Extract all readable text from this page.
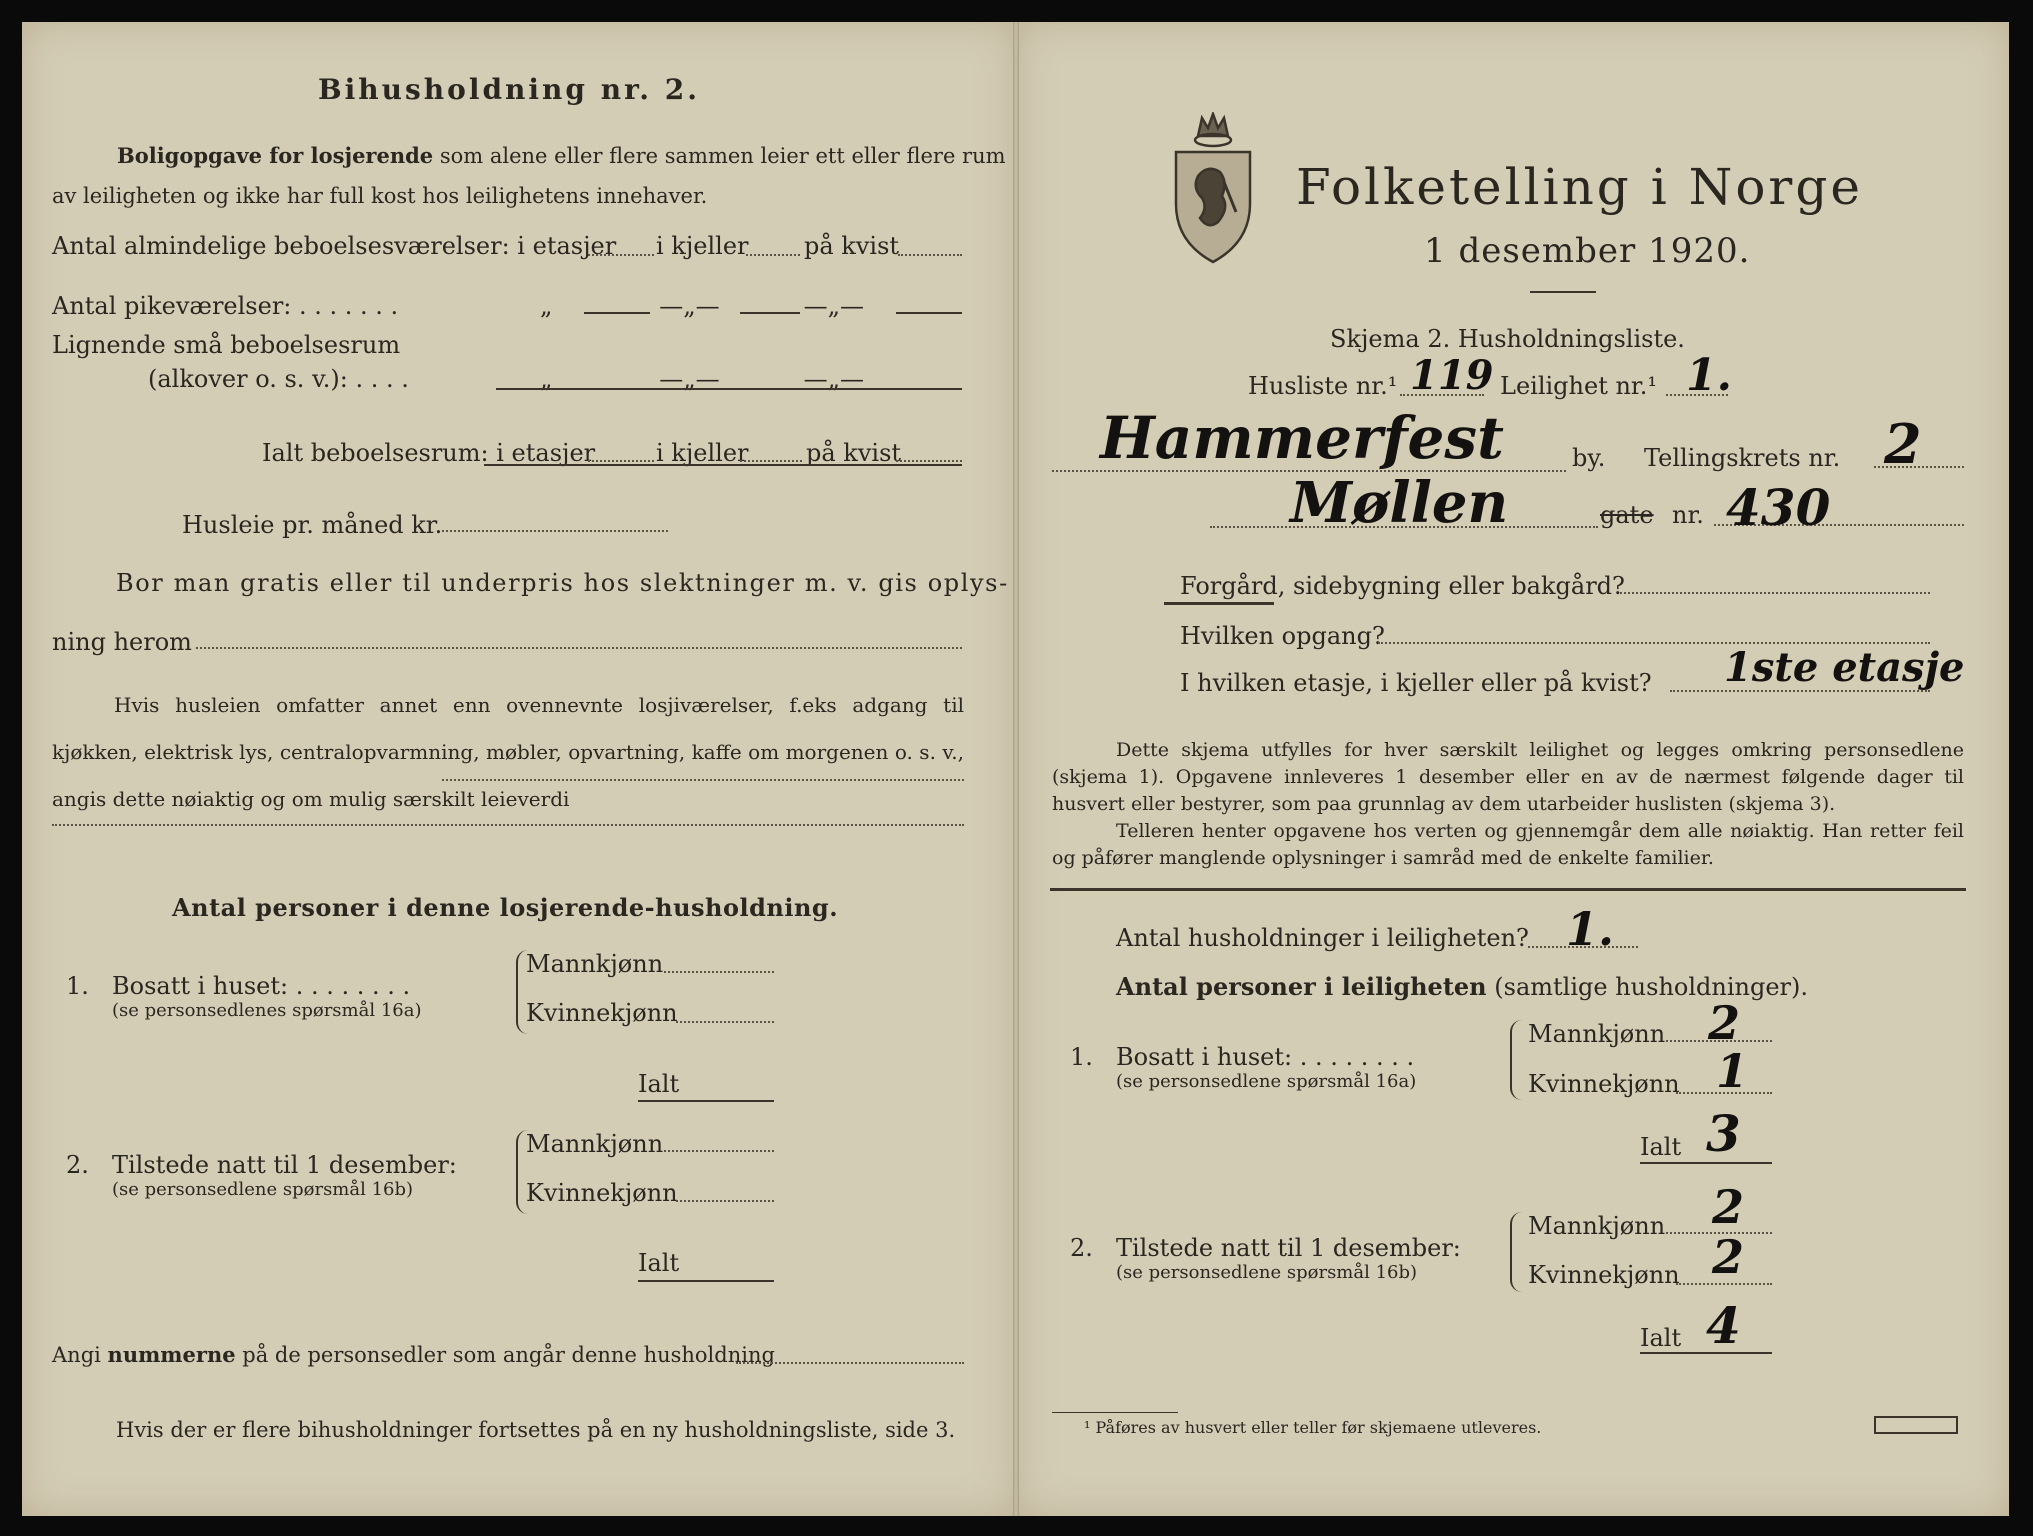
Bihusholdning nr. 2.
Boligopgave for losjerende som alene eller flere sammen leier ett eller flere rum
av leiligheten og ikke har full kost hos leilighetens innehaver.
Antal almindelige beboelsesværelser: i etasjer i kjeller på kvist
Antal pikeværelser: . . . . . . .	„              —„—           —„—
Lignende små beboelsesrum
(alkover o. s. v.): . . . .	„              —„—           —„—
Ialt beboelsesrum: i etasjer	i kjeller på kvist
Husleie pr. måned kr.
Bor man gratis eller til underpris hos slektninger m. v. gis oplys-
ning herom
Hvis husleien omfatter annet enn ovennevnte losjiværelser, f.eks adgang til kjøkken, elektrisk lys, centralopvarmning, møbler, opvartning, kaffe om morgenen o. s. v., angis dette nøiaktig og om mulig særskilt leieverdi
Antal personer i denne losjerende-husholdning.
1. Bosatt i huset: . . . . . . . .
(se personsedlenes spørsmål 16a)
Mannkjønn
Kvinnekjønn
Ialt
2. Tilstede natt til 1 desember:
(se personsedlene spørsmål 16b)
Mannkjønn
Kvinnekjønn
Ialt
Angi nummerne på de personsedler som angår denne husholdning
Hvis der er flere bihusholdninger fortsettes på en ny husholdningsliste, side 3.
Folketelling i Norge
1 desember 1920.
Skjema 2. Husholdningsliste.
Husliste nr.¹ 119 Leilighet nr.¹ 1.
Hammerfest	by. Tellingskrets nr. 2
Møllen	gate nr. 430
Forgård, sidebygning eller bakgård?
Hvilken opgang?
I hvilken etasje, i kjeller eller på kvist? 1ste etasje
Dette skjema utfylles for hver særskilt leilighet og legges omkring personsedlene (skjema 1). Opgavene innleveres 1 desember eller en av de nærmest følgende dager til husvert eller bestyrer, som paa grunnlag av dem utarbeider huslisten (skjema 3).
Telleren henter opgavene hos verten og gjennemgår dem alle nøiaktig. Han retter feil og påfører manglende oplysninger i samråd med de enkelte familier.
Antal husholdninger i leiligheten? 1.
Antal personer i leiligheten (samtlige husholdninger).
1. Bosatt i huset: . . . . . . . .
(se personsedlene spørsmål 16a)
Mannkjønn 2
Kvinnekjønn 1
Ialt 3
2. Tilstede natt til 1 desember:
(se personsedlene spørsmål 16b)
Mannkjønn 2
Kvinnekjønn 2
Ialt 4
¹ Påføres av husvert eller teller før skjemaene utleveres.
